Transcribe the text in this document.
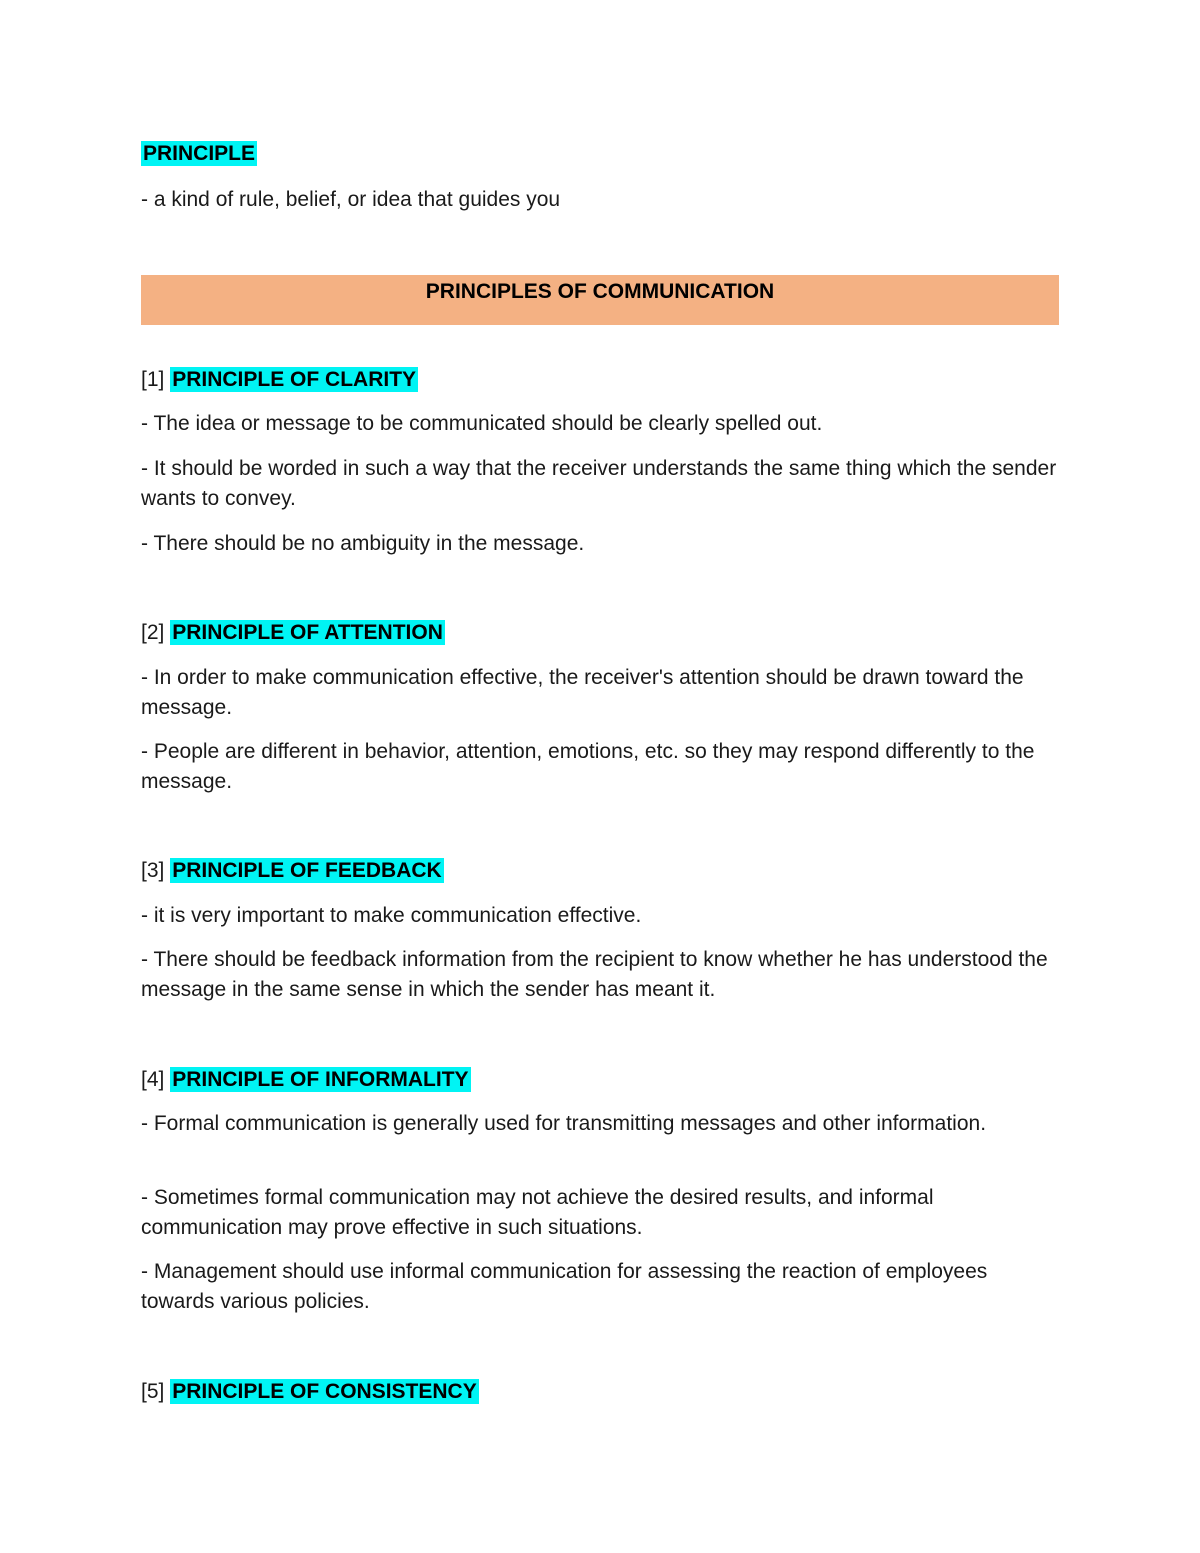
PRINCIPLE

- a kind of rule, belief, or idea that guides you

PRINCIPLES OF COMMUNICATION
[1] PRINCIPLE OF CLARITY

- The idea or message to be communicated should be clearly spelled out.

- It should be worded in such a way that the receiver understands the same thing which the sender wants to convey.

- There should be no ambiguity in the message.

[2] PRINCIPLE OF ATTENTION

- In order to make communication effective, the receiver's attention should be drawn toward the message.

- People are different in behavior, attention, emotions, etc. so they may respond differently to the message.

[3] PRINCIPLE OF FEEDBACK

- it is very important to make communication effective.

- There should be feedback information from the recipient to know whether he has understood the message in the same sense in which the sender has meant it.

[4] PRINCIPLE OF INFORMALITY

- Formal communication is generally used for transmitting messages and other information.

- Sometimes formal communication may not achieve the desired results, and informal communication may prove effective in such situations.

- Management should use informal communication for assessing the reaction of employees towards various policies.

[5] PRINCIPLE OF CONSISTENCY
